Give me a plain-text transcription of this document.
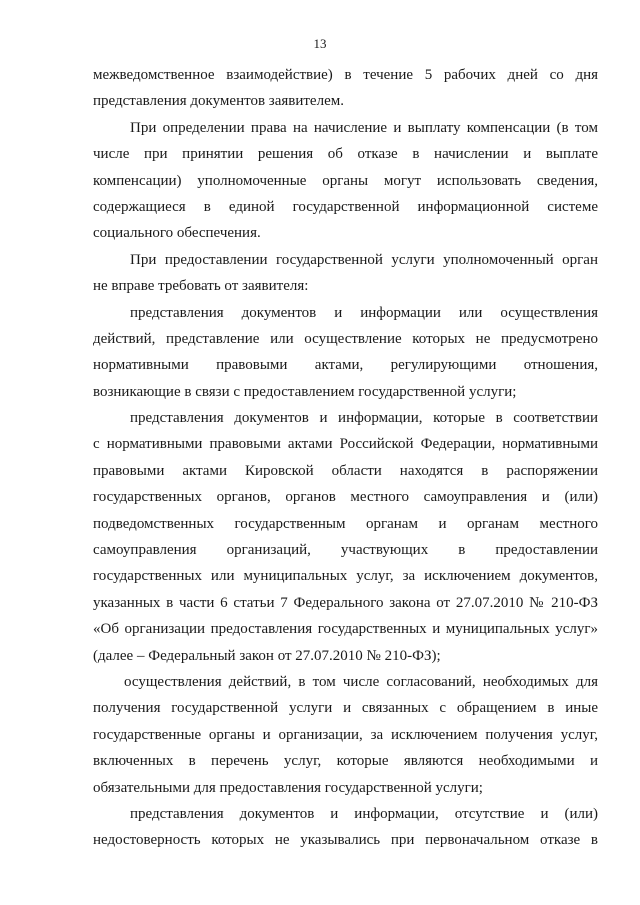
13
межведомственное взаимодействие) в течение 5 рабочих дней со дня
представления документов заявителем.
При определении права на начисление и выплату компенсации (в том
числе при принятии решения об отказе в начислении и выплате
компенсации) уполномоченные органы могут использовать сведения,
содержащиеся в единой государственной информационной системе
социального обеспечения.
При предоставлении государственной услуги уполномоченный орган
не вправе требовать от заявителя:
представления документов и информации или осуществления
действий, представление или осуществление которых не предусмотрено
нормативными правовыми актами, регулирующими отношения,
возникающие в связи с предоставлением государственной услуги;
представления документов и информации, которые в соответствии
с нормативными правовыми актами Российской Федерации, нормативными
правовыми актами Кировской области находятся в распоряжении
государственных органов, органов местного самоуправления и (или)
подведомственных государственным органам и органам местного
самоуправления организаций, участвующих в предоставлении
государственных или муниципальных услуг, за исключением документов,
указанных в части 6 статьи 7 Федерального закона от 27.07.2010 № 210-ФЗ
«Об организации предоставления государственных и муниципальных услуг»
(далее – Федеральный закон от 27.07.2010 № 210-ФЗ);
осуществления действий, в том числе согласований, необходимых для
получения государственной услуги и связанных с обращением в иные
государственные органы и организации, за исключением получения услуг,
включенных в перечень услуг, которые являются необходимыми и
обязательными для предоставления государственной услуги;
представления документов и информации, отсутствие и (или)
недостоверность которых не указывались при первоначальном отказе в
